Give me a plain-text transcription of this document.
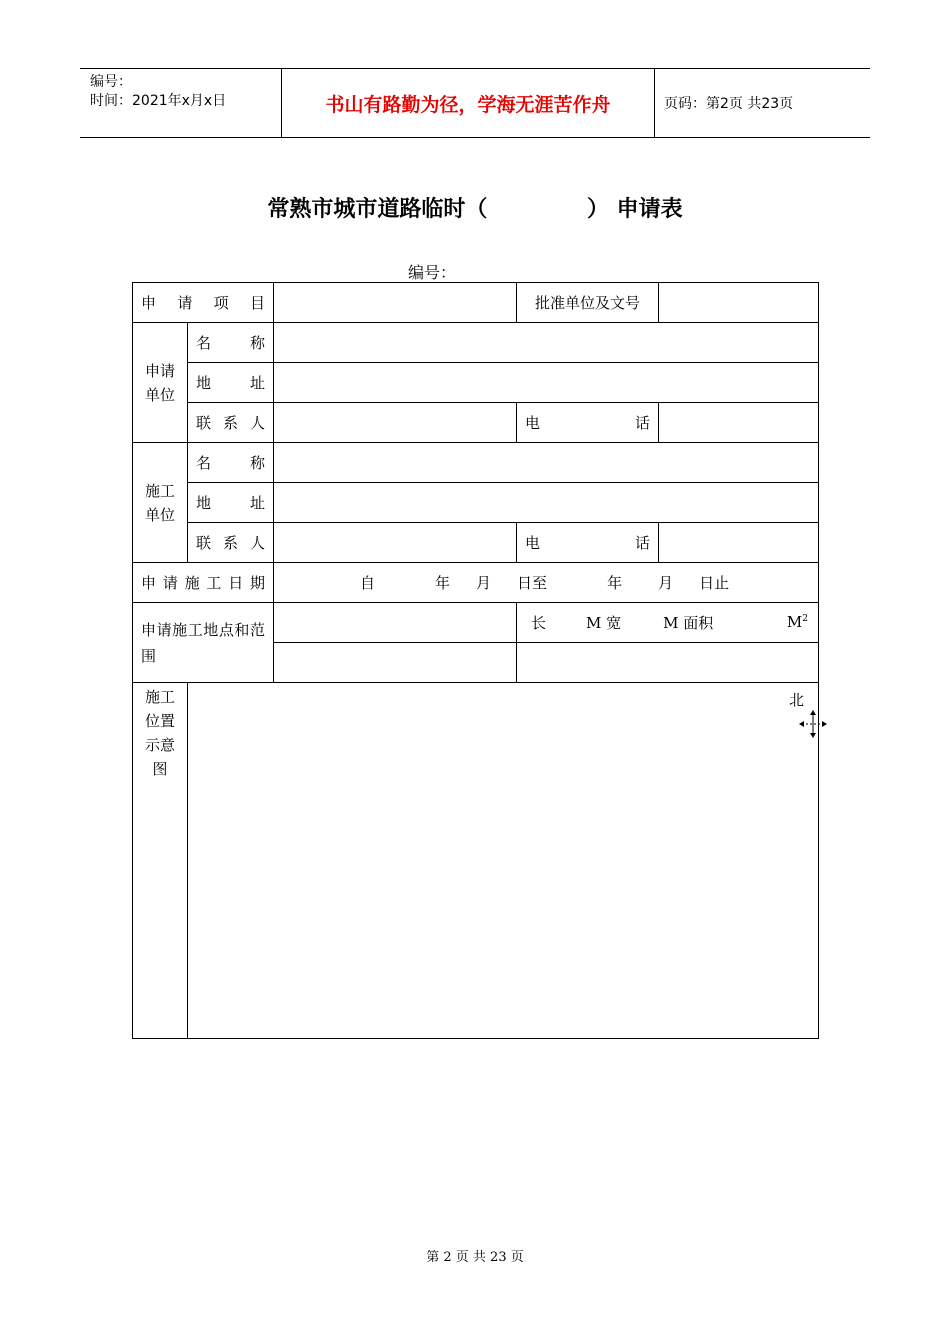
编号：
时间：2021年x月x日	书山有路勤为径，学海无涯苦作舟	页码：第2页 共23页
常熟市城市道路临时（	） 申请表
编号：
申 请 项 目			批准单位及文号	

申请单位	名 称			
	地 址			
	联 系 人		电 话	

施工单位	名 称			
	地 址			
	联 系 人		电 话	
申请施工日期		自 年 月 日至 年 月 日止		
申请施工地点和范 围			长 M 宽 M 面积 $M^2$

施工位置示意图	北			
第 2 页 共 23 页
